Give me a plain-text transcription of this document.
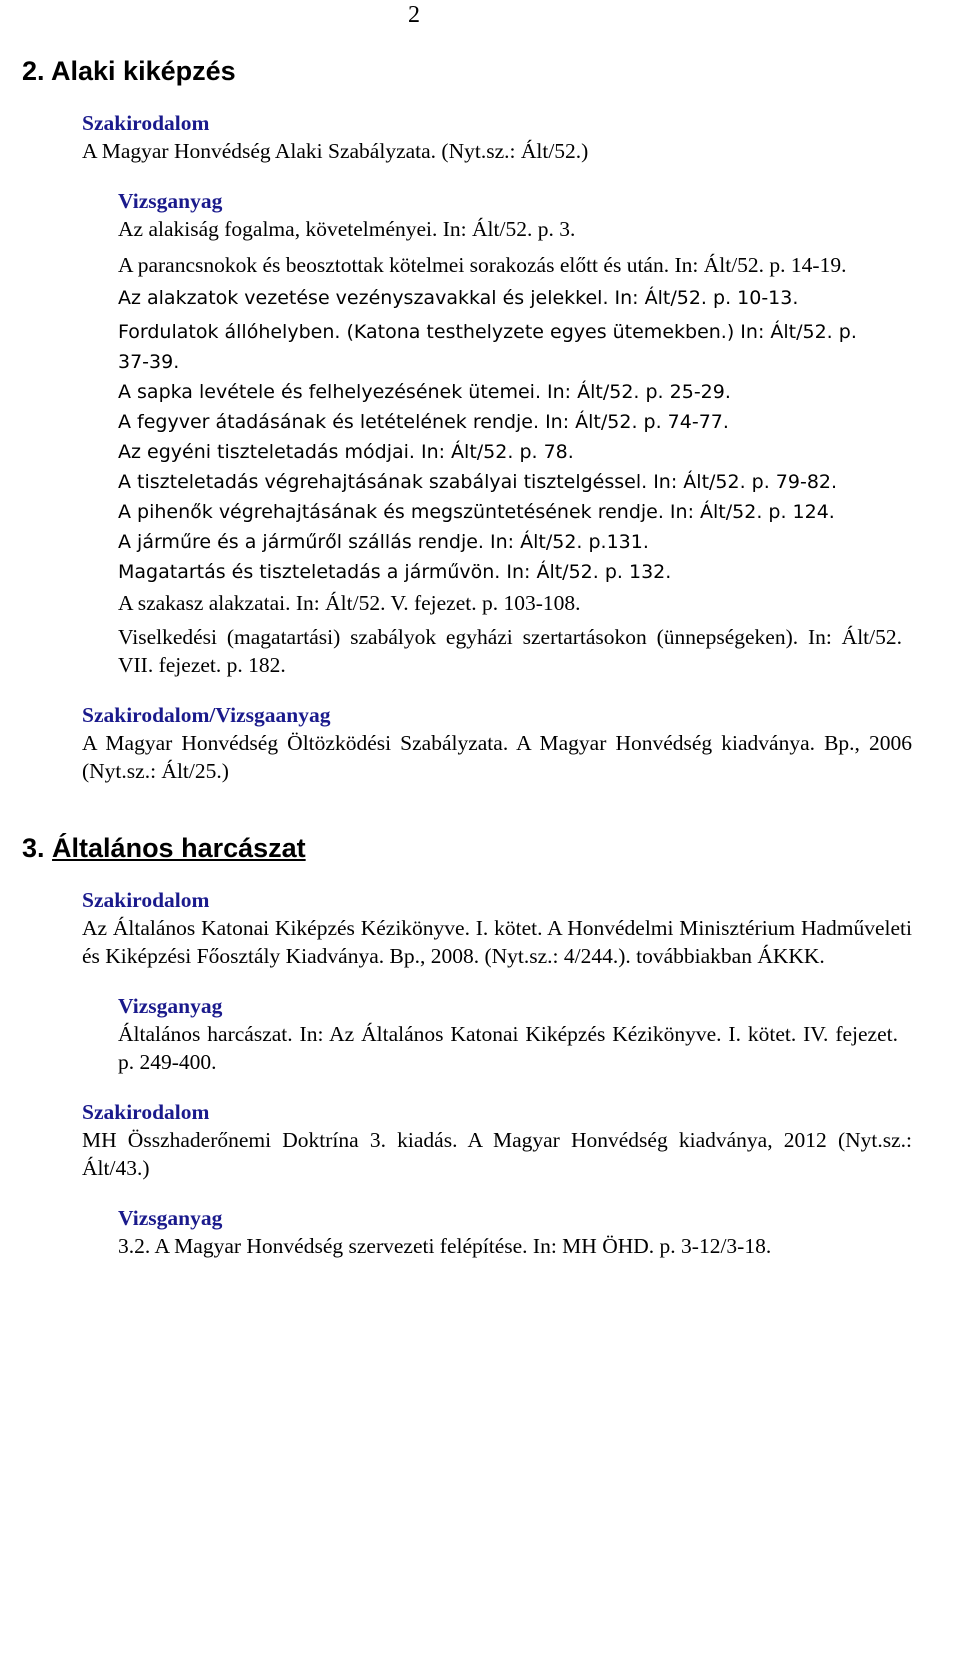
2
2. Alaki kiképzés
Szakirodalom
A Magyar Honvédség Alaki Szabályzata. (Nyt.sz.: Ált/52.)
Vizsganyag
Az alakiság fogalma, követelményei. In: Ált/52. p. 3.
A parancsnokok és beosztottak kötelmei sorakozás előtt és után. In: Ált/52. p. 14-19.
Az alakzatok vezetése vezényszavakkal és jelekkel. In: Ált/52. p. 10-13.
Fordulatok állóhelyben. (Katona testhelyzete egyes ütemekben.) In: Ált/52. p. 37-39.
A sapka levétele és felhelyezésének ütemei. In: Ált/52. p. 25-29.
A fegyver átadásának és letételének rendje. In: Ált/52. p. 74-77.
Az egyéni tiszteletadás módjai. In: Ált/52. p. 78.
A tiszteletadás végrehajtásának szabályai tisztelgéssel. In: Ált/52. p. 79-82.
A pihenők végrehajtásának és megszüntetésének rendje. In: Ált/52. p. 124.
A járműre és a járműről szállás rendje. In: Ált/52. p.131.
Magatartás és tiszteletadás a járművön. In: Ált/52. p. 132.
A szakasz alakzatai. In: Ált/52. V. fejezet. p. 103-108.
Viselkedési (magatartási) szabályok egyházi szertartásokon (ünnepségeken). In: Ált/52. VII. fejezet. p. 182.
Szakirodalom/Vizsgaanyag
A Magyar Honvédség Öltözködési Szabályzata. A Magyar Honvédség kiadványa. Bp., 2006 (Nyt.sz.: Ált/25.)
3. Általános harcászat
Szakirodalom
Az Általános Katonai Kiképzés Kézikönyve. I. kötet. A Honvédelmi Minisztérium Hadműveleti és Kiképzési Főosztály Kiadványa. Bp., 2008. (Nyt.sz.: 4/244.). továbbiakban ÁKKK.
Vizsganyag
Általános harcászat. In: Az Általános Katonai Kiképzés Kézikönyve. I. kötet. IV. fejezet. p. 249-400.
Szakirodalom
MH Összhaderőnemi Doktrína 3. kiadás. A Magyar Honvédség kiadványa, 2012 (Nyt.sz.: Ált/43.)
Vizsganyag
3.2. A Magyar Honvédség szervezeti felépítése. In: MH ÖHD. p. 3-12/3-18.
